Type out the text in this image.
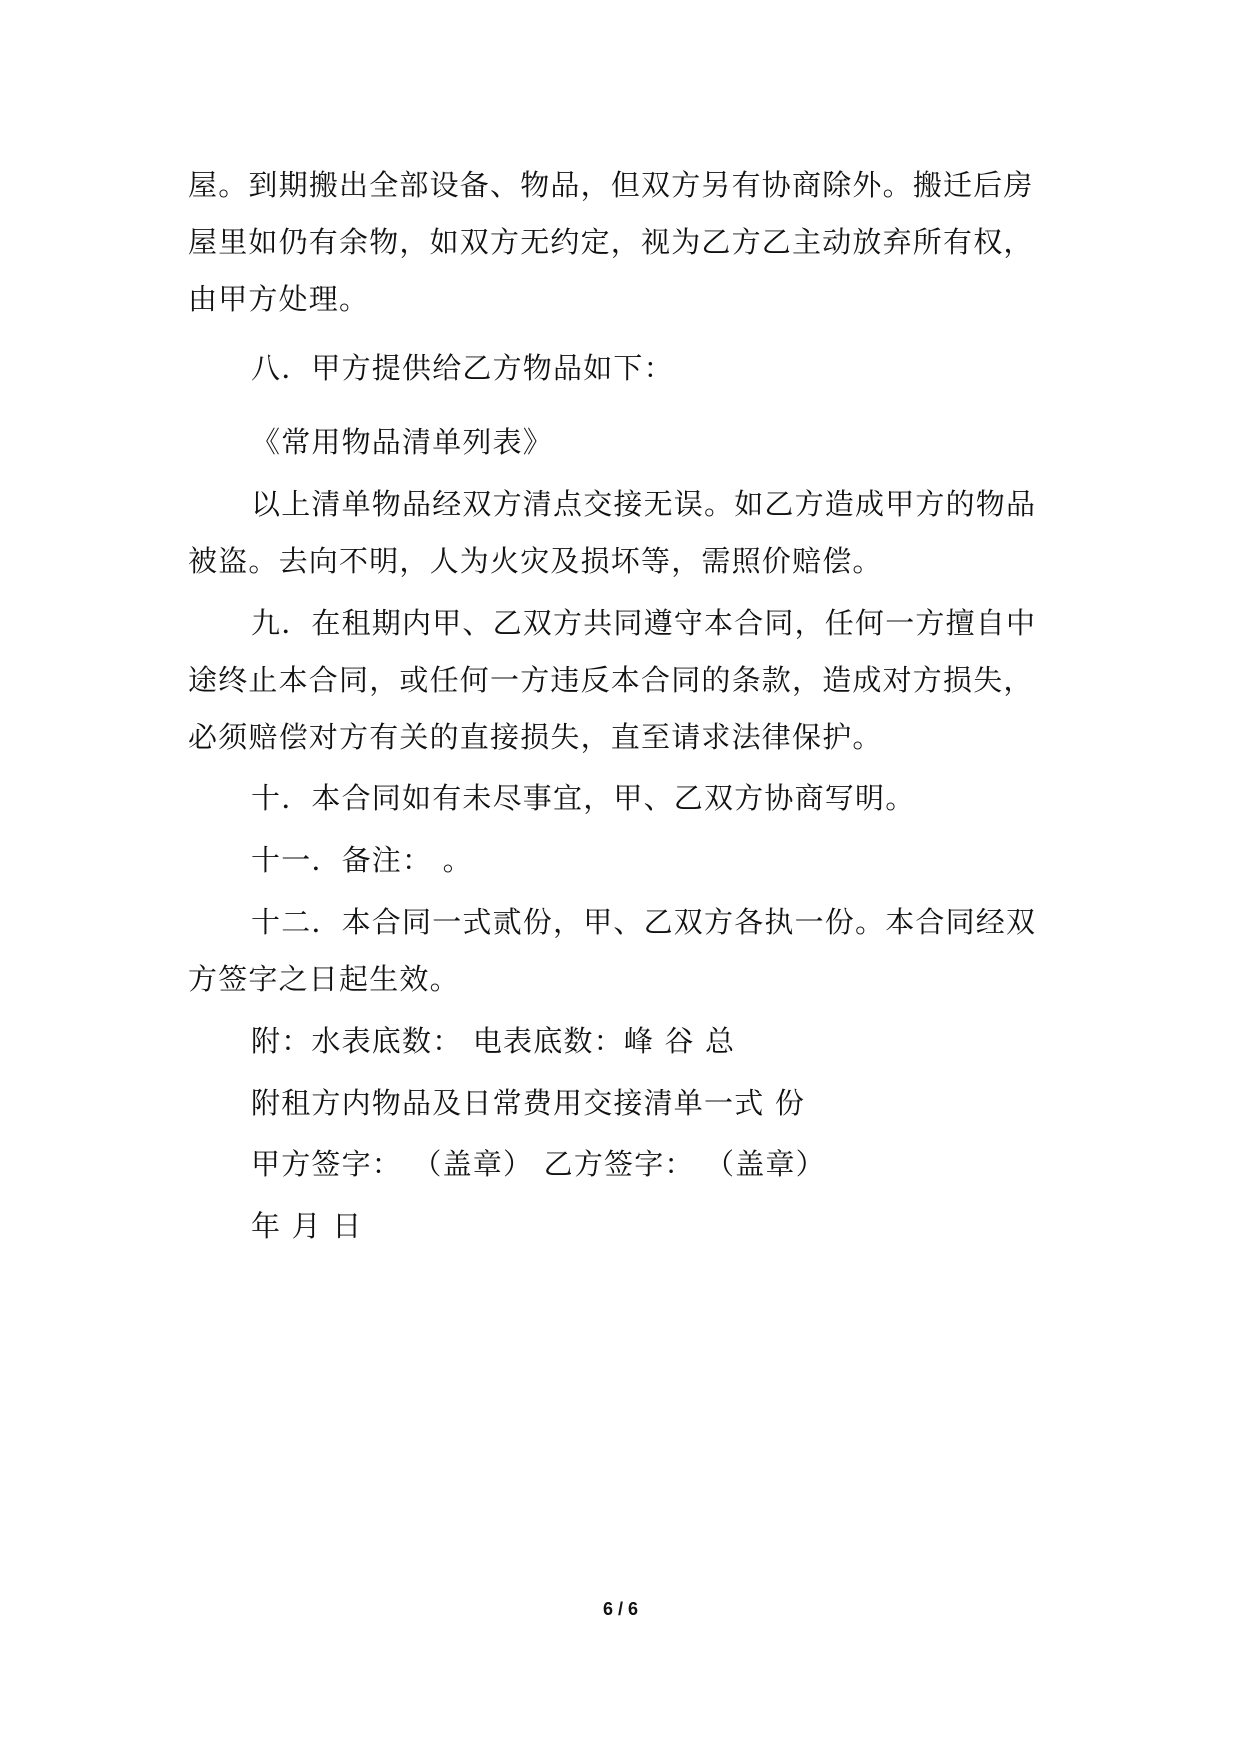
屋。到期搬出全部设备、物品，但双方另有协商除外。搬迁后房
屋里如仍有余物，如双方无约定，视为乙方乙主动放弃所有权，
由甲方处理。
八．甲方提供给乙方物品如下：
《常用物品清单列表》
以上清单物品经双方清点交接无误。如乙方造成甲方的物品
被盗。去向不明，人为火灾及损坏等，需照价赔偿。
九．在租期内甲、乙双方共同遵守本合同，任何一方擅自中
途终止本合同，或任何一方违反本合同的条款，造成对方损失，
必须赔偿对方有关的直接损失，直至请求法律保护。
十．本合同如有未尽事宜，甲、乙双方协商写明。
十一．备注： 。
十二．本合同一式贰份，甲、乙双方各执一份。本合同经双
方签字之日起生效。
附：水表底数： 电表底数：峰 谷 总
附租方内物品及日常费用交接清单一式 份
甲方签字： （盖章） 乙方签字： （盖章）
年 月 日
6 / 6
